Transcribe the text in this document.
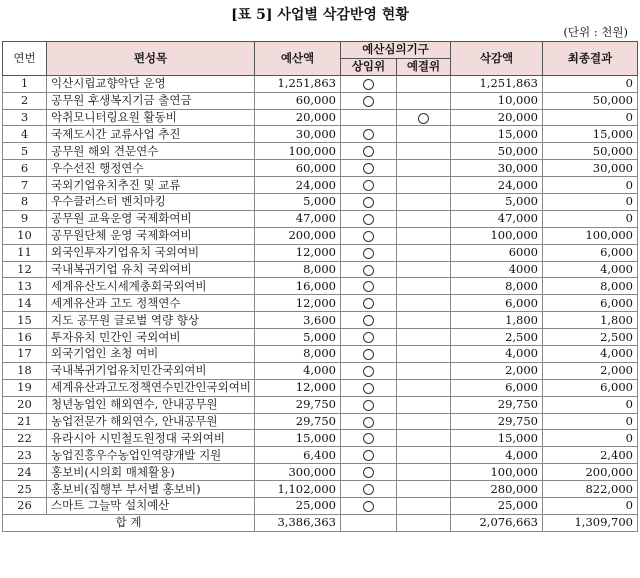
[표 5] 사업별 삭감반영 현황
(단위 : 천원)
연번	편성목	예산액	예산심의기구		삭감액	최종결과
			상임위	예결위		
1	익산시립교향악단 운영	1,251,863			1,251,863	0
2	공무원 후생복지기금 출연금	60,000			10,000	50,000
3	악취모니터링요원 활동비	20,000			20,000	0
4	국제도시간 교류사업 추진	30,000			15,000	15,000
5	공무원 해외 견문연수	100,000			50,000	50,000
6	우수선진 행정연수	60,000			30,000	30,000
7	국외기업유치추진 및 교류	24,000			24,000	0
8	우수클러스터 벤치마킹	5,000			5,000	0
9	공무원 교육운영 국제화여비	47,000			47,000	0
10	공무원단체 운영 국제화여비	200,000			100,000	100,000
11	외국인투자기업유치 국외여비	12,000			6000	6,000
12	국내복귀기업 유치 국외여비	8,000			4000	4,000
13	세계유산도시세계총회국외여비	16,000			8,000	8,000
14	세계유산과 고도 정책연수	12,000			6,000	6,000
15	지도 공무원 글로벌 역량 향상	3,600			1,800	1,800
16	투자유치 민간인 국외여비	5,000			2,500	2,500
17	외국기업인 초청 여비	8,000			4,000	4,000
18	국내복귀기업유치민간국외여비	4,000			2,000	2,000
19	세계유산과고도정책연수민간인국외여비	12,000			6,000	6,000
20	청년농업인 해외연수, 안내공무원	29,750			29,750	0
21	농업전문가 해외연수, 안내공무원	29,750			29,750	0
22	유라시아 시민철도원정대 국외여비	15,000			15,000	0
23	농업진흥우수농업인역량개발 지원	6,400			4,000	2,400
24	홍보비(시의회 매체활용)	300,000			100,000	200,000
25	홍보비(집행부 부서별 홍보비)	1,102,000			280,000	822,000
26	스마트 그늘막 설치예산	25,000			25,000	0
합 계		3,386,363			2,076,663	1,309,700
